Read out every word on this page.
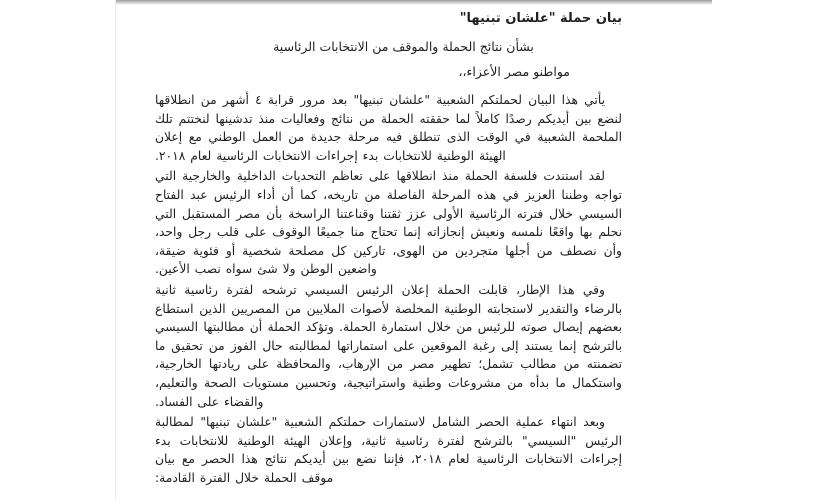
بيان حملة "علشان تبنيها"
بشأن نتائج الحملة والموقف من الانتخابات الرئاسية
مواطنو مصر الأعزاء،،

يأتي هذا البيان لحملتكم الشعبية "علشان تبنيها" بعد مرور قرابة ٤ أشهر من انطلاقها لنضع بين أيديكم رصدًا كاملاً لما حققته الحملة من نتائج وفعاليات منذ تدشينها لنختتم تلك الملحمة الشعبية في الوقت الذى تنطلق فيه مرحلة جديدة من العمل الوطني مع إعلان الهيئة الوطنية للانتخابات بدء إجراءات الانتخابات الرئاسية لعام ٢٠١٨.

لقد استندت فلسفة الحملة منذ انطلاقها على تعاظم التحديات الداخلية والخارجية التي تواجه وطننا العزيز في هذه المرحلة الفاصلة من تاريخه، كما أن أداء الرئيس عبد الفتاح السيسي خلال فترته الرئاسية الأولى عزز ثقتنا وقناعتنا الراسخة بأن مصر المستقبل التي نحلم بها واقعًا نلمسه ونعيش إنجازاته إنما تحتاج منا جميعًا الوقوف على قلب رجل واحد، وأن نصطف من أجلها متجردين من الهوى، تاركين كل مصلحة شخصية أو فئوية ضيقة، واضعين الوطن ولا شئ سواه نصب الأعين.

وفي هذا الإطار، قابلت الحملة إعلان الرئيس السيسي ترشحه لفترة رئاسية ثانية بالرضاء والتقدير لاستجابته الوطنية المخلصة لأصوات الملايين من المصريين الذين استطاع بعضهم إيصال صوته للرئيس من خلال استمارة الحملة. وتؤكد الحملة أن مطالبتها السيسي بالترشح إنما يستند إلى رغبة الموقعين على استماراتها لمطالبته حال الفوز من تحقيق ما تضمنته من مطالب تشمل؛ تطهير مصر من الإرهاب، والمحافظة على ريادتها الخارجية، واستكمال ما بدأه من مشروعات وطنية واستراتيجية، وتحسين مستويات الصحة والتعليم، والقضاء على الفساد.

وبعد انتهاء عملية الحصر الشامل لاستمارات حملتكم الشعبية "علشان تبنيها" لمطالبة الرئيس "السيسي" بالترشح لفترة رئاسية ثانية، وإعلان الهيئة الوطنية للانتخابات بدء إجراءات الانتخابات الرئاسية لعام ٢٠١٨، فإننا نضع بين أيديكم نتائج هذا الحصر مع بيان موقف الحملة خلال الفترة القادمة:
